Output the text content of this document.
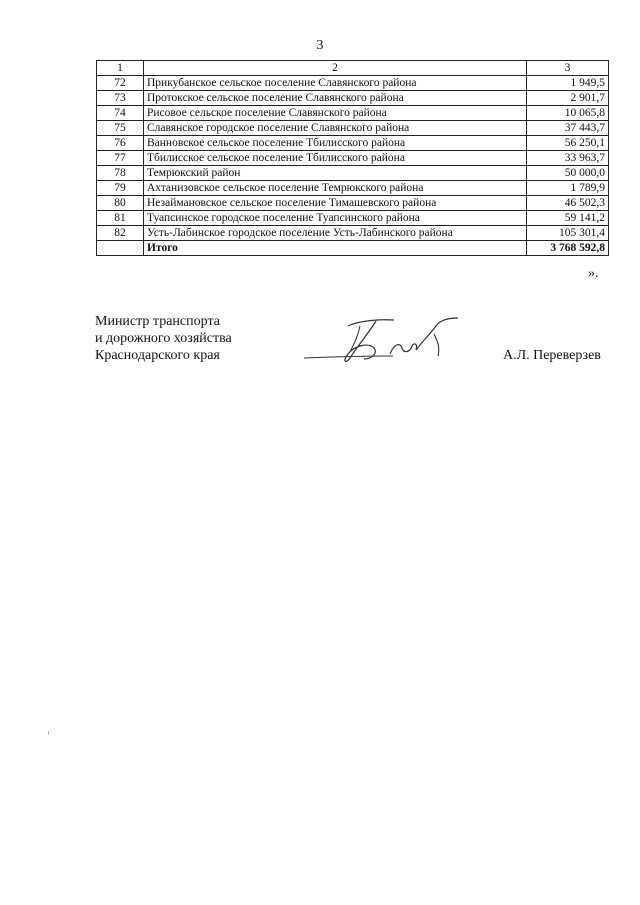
3
1	2	3
72	Прикубанское сельское поселение Славянского района	1 949,5
73	Протокское сельское поселение Славянского района	2 901,7
74	Рисовое сельское поселение Славянского района	10 065,8
75	Славянское городское поселение Славянского района	37 443,7
76	Ванновское сельское поселение Тбилисского района	56 250,1
77	Тбилисское сельское поселение Тбилисского района	33 963,7
78	Темрюкский район	50 000,0
79	Ахтанизовское сельское поселение Темрюкского района	1 789,9
80	Незаймановское сельское поселение Тимашевского района	46 502,3
81	Туапсинское городское поселение Туапсинского района	59 141,2
82	Усть-Лабинское городское поселение Усть-Лабинского района	105 301,4
	Итого	3 768 592,8
».
Министр транспорта
и дорожного хозяйства
Краснодарского края	А.Л. Переверзев
